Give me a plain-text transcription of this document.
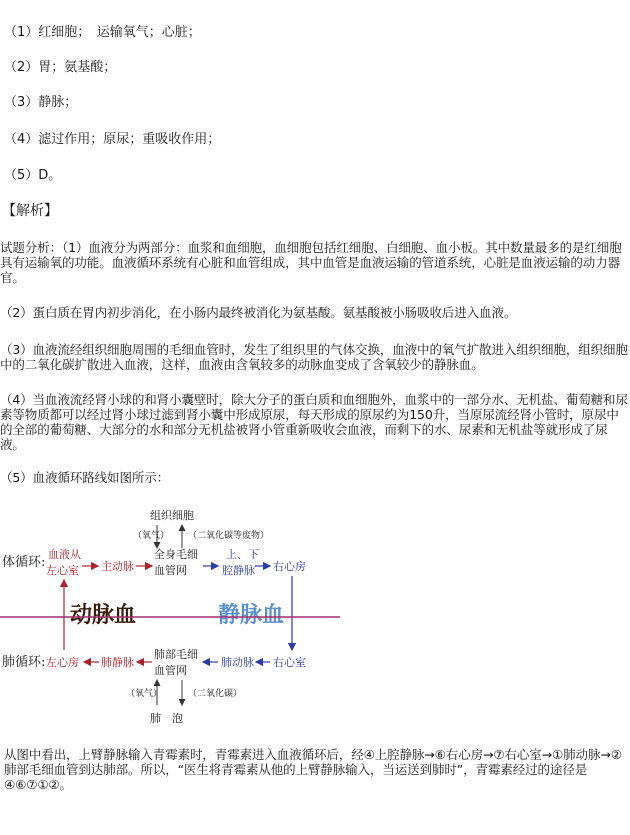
（1）红细胞；　运输氧气；心脏；
（2）胃；氨基酸；
（3）静脉；
（4）滤过作用；原尿；重吸收作用；
（5）D。
【解析】
试题分析：（1）血液分为两部分：血浆和血细胞，血细胞包括红细胞、白细胞、血小板。其中数量最多的是红细胞具有运输氧的功能。血液循环系统有心脏和血管组成，其中血管是血液运输的管道系统，心脏是血液运输的动力器官。
（2）蛋白质在胃内初步消化，在小肠内最终被消化为氨基酸。氨基酸被小肠吸收后进入血液。
（3）血液流经组织细胞周围的毛细血管时，发生了组织里的气体交换，血液中的氧气扩散进入组织细胞，组织细胞中的二氧化碳扩散进入血液，这样，血液由含氧较多的动脉血变成了含氧较少的静脉血。
（4）当血液流经肾小球的和肾小囊壁时，除大分子的蛋白质和血细胞外，血浆中的一部分水、无机盐、葡萄糖和尿素等物质都可以经过肾小球过滤到肾小囊中形成原尿，每天形成的原尿约为150升，当原尿流经肾小管时，原尿中的全部的葡萄糖、大部分的水和部分无机盐被肾小管重新吸收会血液，而剩下的水、尿素和无机盐等就形成了尿液。
（5）血液循环路线如图所示：
组织细胞
（氧气） （二氧化碳等废物）
体循环:
血液从
左心室 主动脉
全身毛细
血管网
上、下
腔静脉 右心房
动脉血	静脉血
肺循环: 左心房 肺静脉
肺部毛细
血管网
肺动脉 右心室
（氧气）	（二氧化碳）
肺　泡
从图中看出，上臂静脉输入青霉素时，青霉素进入血液循环后，经④上腔静脉→⑥右心房→⑦右心室→①肺动脉→②肺部毛细血管到达肺部。所以，“医生将青霉素从他的上臂静脉输入，当运送到肺时”，青霉素经过的途径是④⑥⑦①②。
